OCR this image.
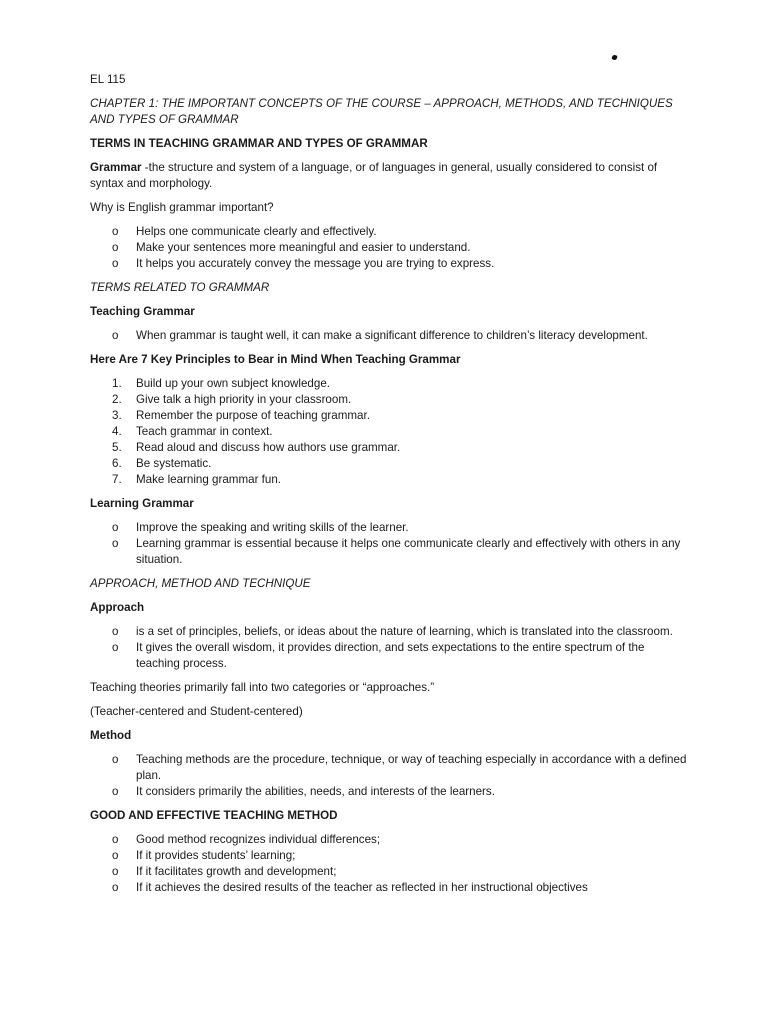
EL 115

CHAPTER 1: THE IMPORTANT CONCEPTS OF THE COURSE – APPROACH, METHODS, AND TECHNIQUES AND TYPES OF GRAMMAR

TERMS IN TEACHING GRAMMAR AND TYPES OF GRAMMAR

Grammar -the structure and system of a language, or of languages in general, usually considered to consist of syntax and morphology.

Why is English grammar important?

o Helps one communicate clearly and effectively.
o Make your sentences more meaningful and easier to understand.
o It helps you accurately convey the message you are trying to express.

TERMS RELATED TO GRAMMAR

Teaching Grammar

o When grammar is taught well, it can make a significant difference to children’s literacy development.

Here Are 7 Key Principles to Bear in Mind When Teaching Grammar

1.	Build up your own subject knowledge.
2.	Give talk a high priority in your classroom.
3.	Remember the purpose of teaching grammar.
4.	Teach grammar in context.
5.	Read aloud and discuss how authors use grammar.
6.	Be systematic.
7.	Make learning grammar fun.

Learning Grammar

o Improve the speaking and writing skills of the learner.
o Learning grammar is essential because it helps one communicate clearly and effectively with others in any situation.

APPROACH, METHOD AND TECHNIQUE

Approach

o is a set of principles, beliefs, or ideas about the nature of learning, which is translated into the classroom.
o It gives the overall wisdom, it provides direction, and sets expectations to the entire spectrum of the teaching process.

Teaching theories primarily fall into two categories or “approaches.”

(Teacher-centered and Student-centered)

Method

o Teaching methods are the procedure, technique, or way of teaching especially in accordance with a defined plan.
o It considers primarily the abilities, needs, and interests of the learners.

GOOD AND EFFECTIVE TEACHING METHOD

o Good method recognizes individual differences;
o If it provides students’ learning;
o If it facilitates growth and development;
o If it achieves the desired results of the teacher as reflected in her instructional objectives
